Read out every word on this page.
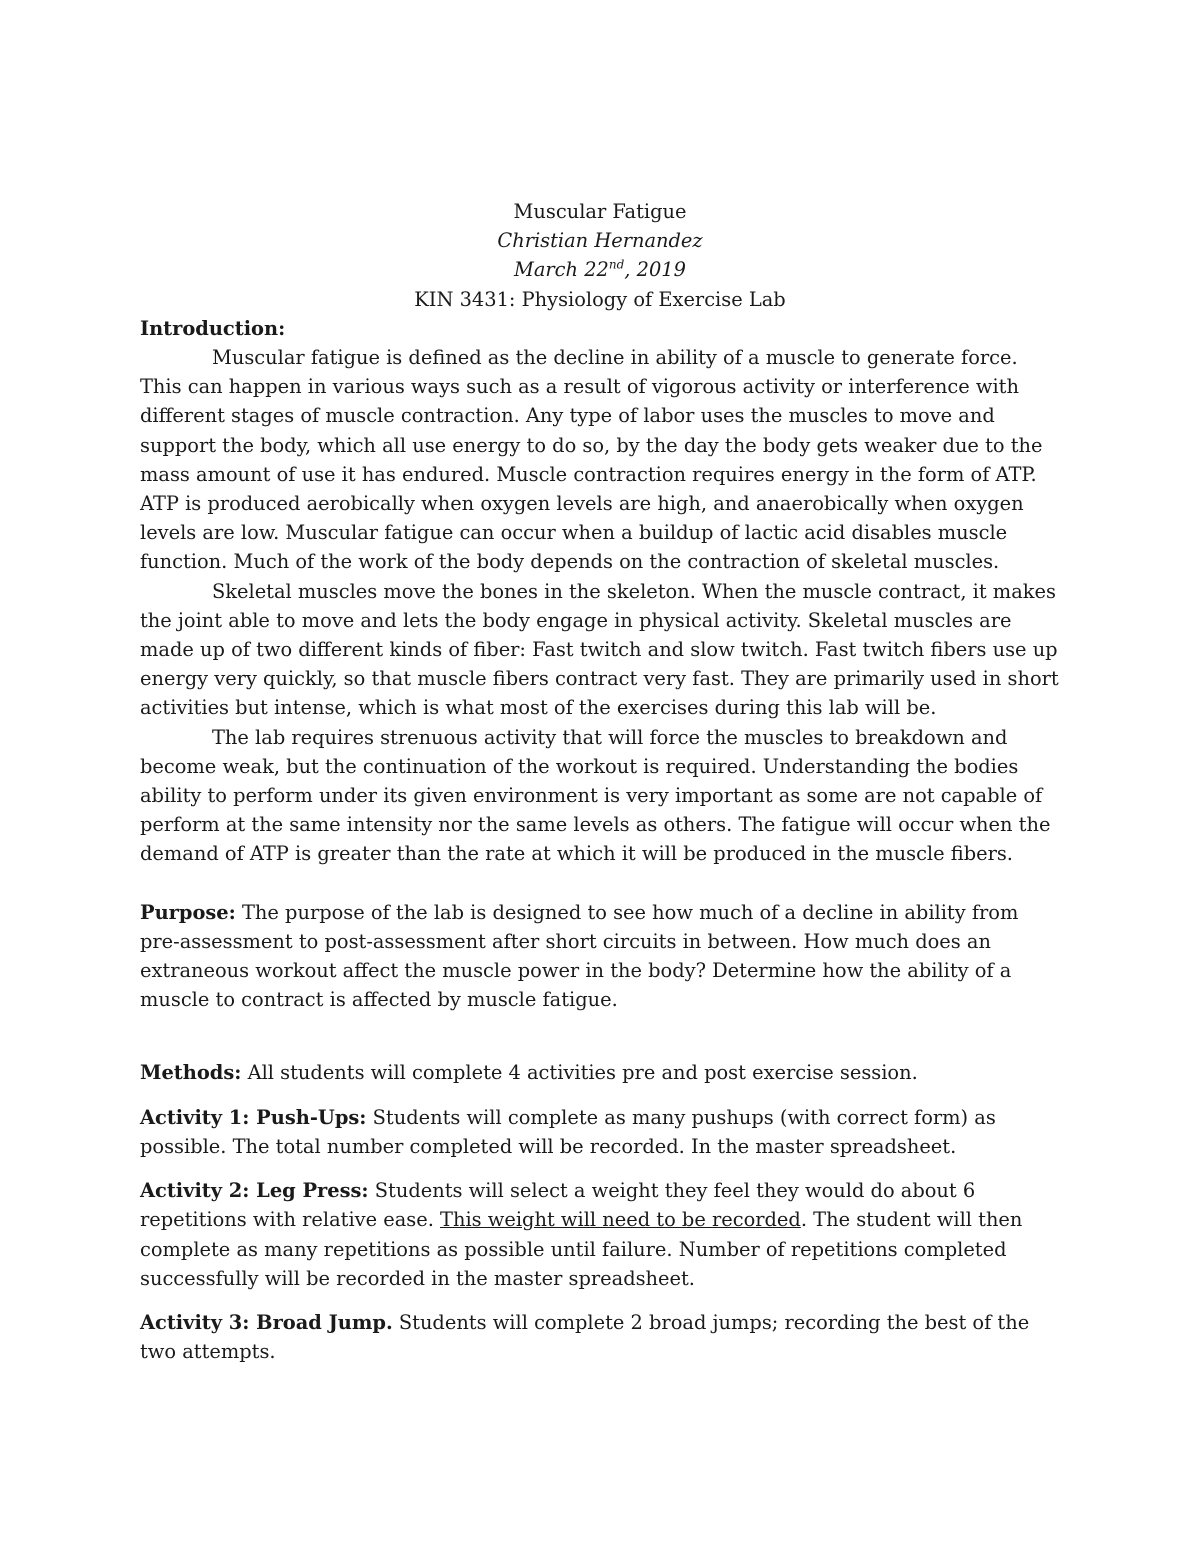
Muscular Fatigue
Christian Hernandez
March 22nd, 2019
KIN 3431: Physiology of Exercise Lab
Introduction:

Muscular fatigue is defined as the decline in ability of a muscle to generate force. This can happen in various ways such as a result of vigorous activity or interference with different stages of muscle contraction. Any type of labor uses the muscles to move and support the body, which all use energy to do so, by the day the body gets weaker due to the mass amount of use it has endured. Muscle contraction requires energy in the form of ATP. ATP is produced aerobically when oxygen levels are high, and anaerobically when oxygen levels are low. Muscular fatigue can occur when a buildup of lactic acid disables muscle function. Much of the work of the body depends on the contraction of skeletal muscles.

Skeletal muscles move the bones in the skeleton. When the muscle contract, it makes the joint able to move and lets the body engage in physical activity. Skeletal muscles are made up of two different kinds of fiber: Fast twitch and slow twitch. Fast twitch fibers use up energy very quickly, so that muscle fibers contract very fast. They are primarily used in short activities but intense, which is what most of the exercises during this lab will be.

The lab requires strenuous activity that will force the muscles to breakdown and become weak, but the continuation of the workout is required. Understanding the bodies ability to perform under its given environment is very important as some are not capable of perform at the same intensity nor the same levels as others. The fatigue will occur when the demand of ATP is greater than the rate at which it will be produced in the muscle fibers.

Purpose: The purpose of the lab is designed to see how much of a decline in ability from pre-assessment to post-assessment after short circuits in between. How much does an extraneous workout affect the muscle power in the body? Determine how the ability of a muscle to contract is affected by muscle fatigue.

Methods: All students will complete 4 activities pre and post exercise session.

Activity 1: Push-Ups: Students will complete as many pushups (with correct form) as possible. The total number completed will be recorded. In the master spreadsheet.

Activity 2: Leg Press: Students will select a weight they feel they would do about 6 repetitions with relative ease. This weight will need to be recorded. The student will then complete as many repetitions as possible until failure. Number of repetitions completed successfully will be recorded in the master spreadsheet.

Activity 3: Broad Jump. Students will complete 2 broad jumps; recording the best of the two attempts.
